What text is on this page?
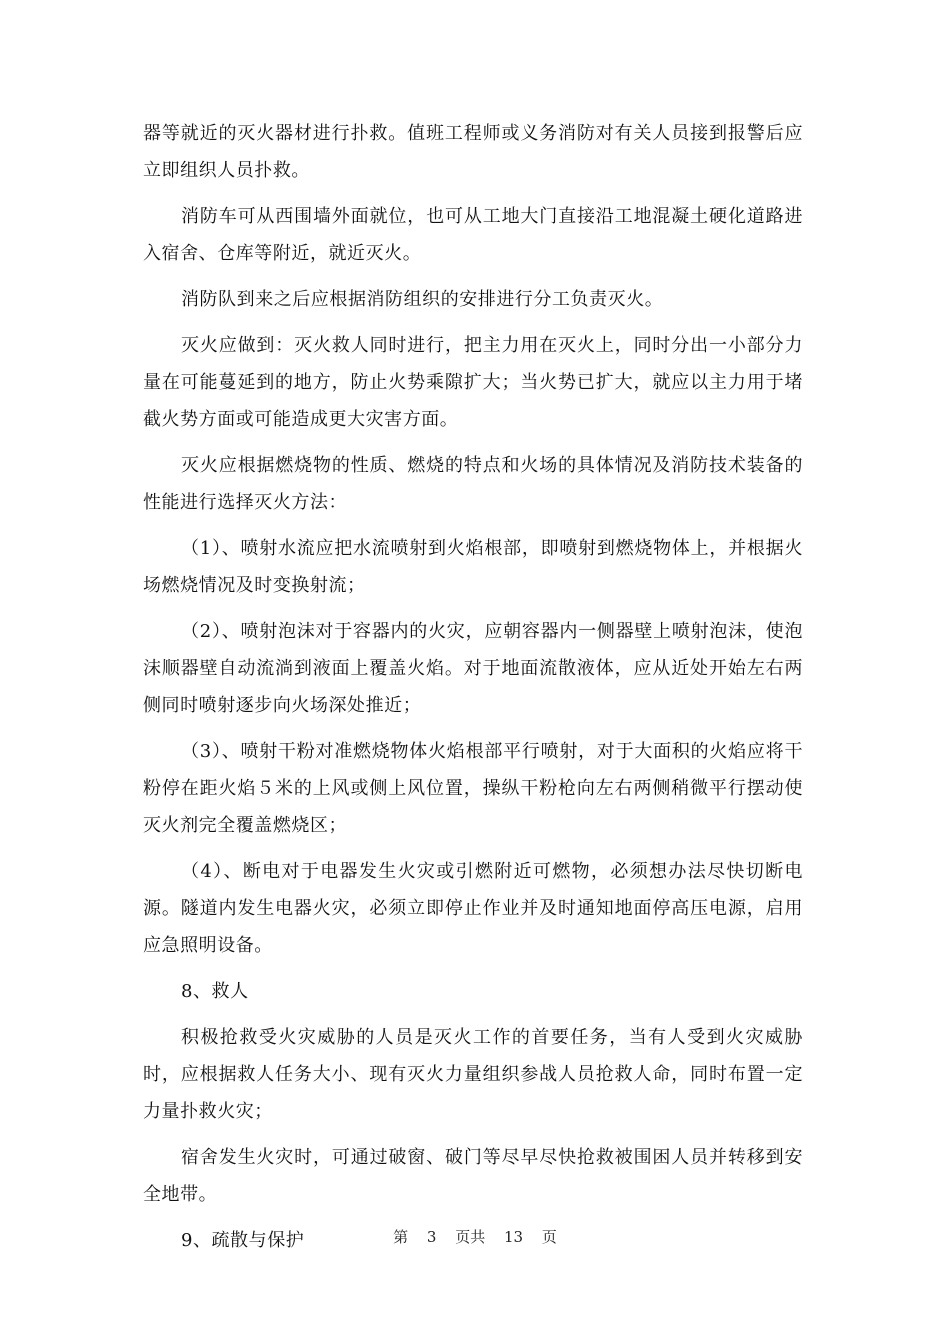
器等就近的灭火器材进行扑救。值班工程师或义务消防对有关人员接到报警后应立即组织人员扑救。

消防车可从西围墙外面就位，也可从工地大门直接沿工地混凝土硬化道路进入宿舍、仓库等附近，就近灭火。

消防队到来之后应根据消防组织的安排进行分工负责灭火。

灭火应做到：灭火救人同时进行，把主力用在灭火上，同时分出一小部分力量在可能蔓延到的地方，防止火势乘隙扩大；当火势已扩大，就应以主力用于堵截火势方面或可能造成更大灾害方面。

灭火应根据燃烧物的性质、燃烧的特点和火场的具体情况及消防技术装备的性能进行选择灭火方法：

（1）、喷射水流应把水流喷射到火焰根部，即喷射到燃烧物体上，并根据火场燃烧情况及时变换射流；

（2）、喷射泡沫对于容器内的火灾，应朝容器内一侧器壁上喷射泡沫，使泡沫顺器壁自动流淌到液面上覆盖火焰。对于地面流散液体，应从近处开始左右两侧同时喷射逐步向火场深处推近；

（3）、喷射干粉对准燃烧物体火焰根部平行喷射，对于大面积的火焰应将干粉停在距火焰５米的上风或侧上风位置，操纵干粉枪向左右两侧稍微平行摆动使灭火剂完全覆盖燃烧区；

（4）、断电对于电器发生火灾或引燃附近可燃物，必须想办法尽快切断电源。隧道内发生电器火灾，必须立即停止作业并及时通知地面停高压电源，启用应急照明设备。

8、救人

积极抢救受火灾威胁的人员是灭火工作的首要任务，当有人受到火灾威胁时，应根据救人任务大小、现有灭火力量组织参战人员抢救人命，同时布置一定力量扑救火灾；

宿舍发生火灾时，可通过破窗、破门等尽早尽快抢救被围困人员并转移到安全地带。

9、疏散与保护	第 3 页共 13 页
